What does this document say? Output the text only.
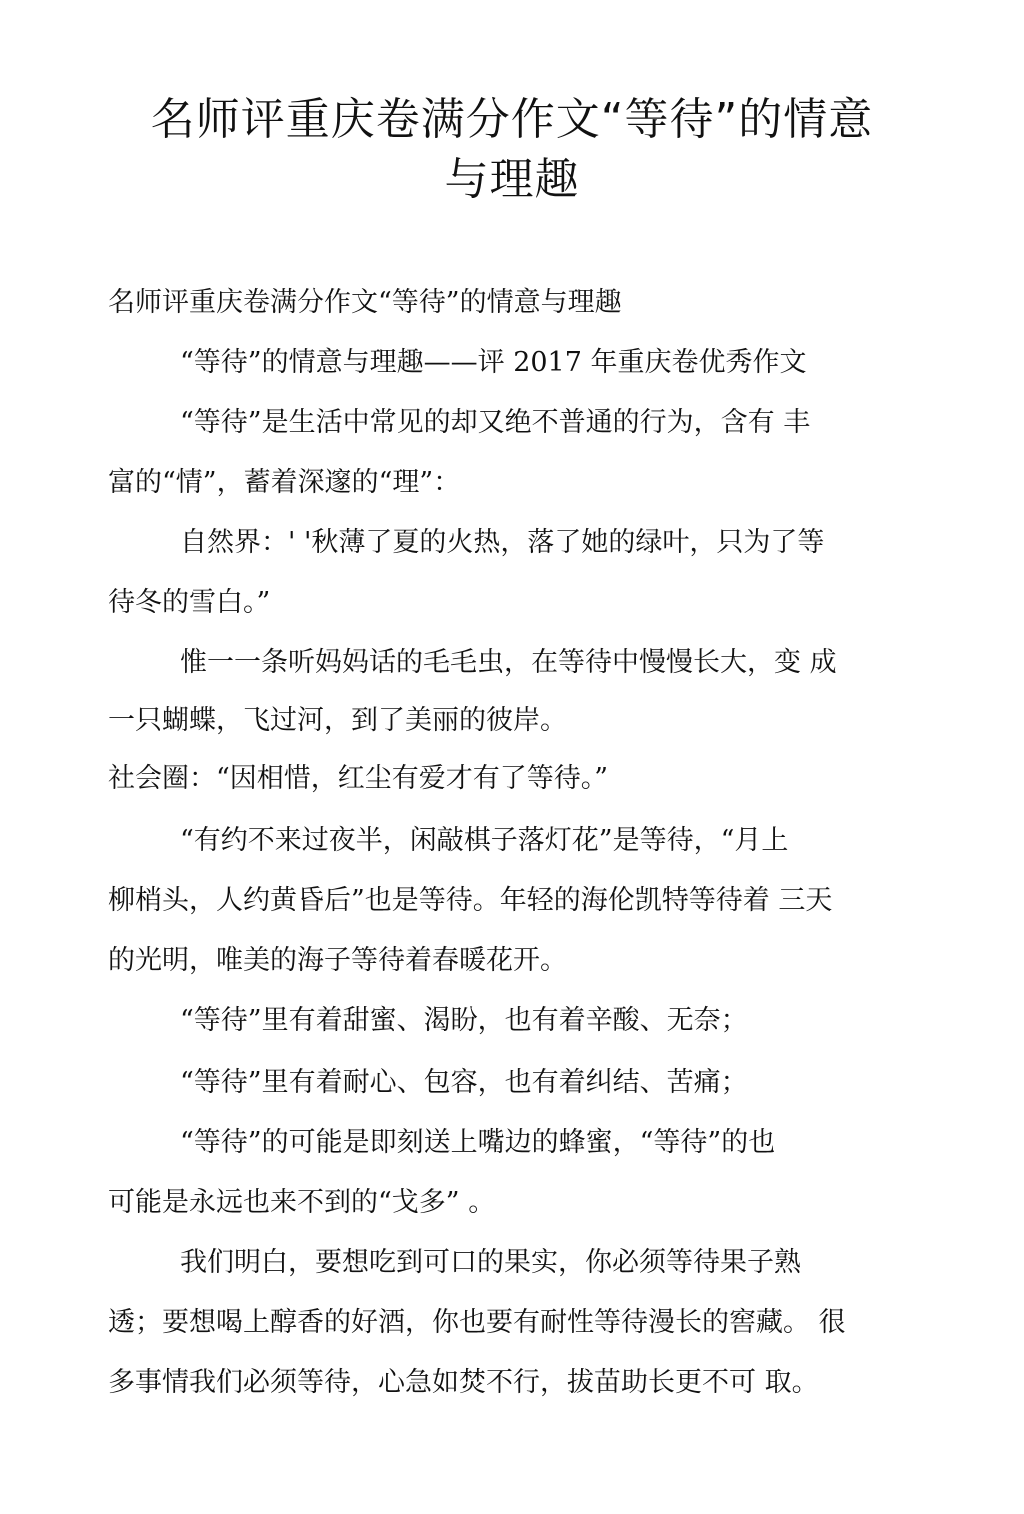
名师评重庆卷满分作文“等待”的情意
与理趣
名师评重庆卷满分作文“等待”的情意与理趣
“等待”的情意与理趣——评 2017 年重庆卷优秀作文
“等待”是生活中常见的却又绝不普通的行为，含有 丰
富的“情”，蓄着深邃的“理”：
自然界：' '秋薄了夏的火热，落了她的绿叶，只为了等
待冬的雪白。”
惟一一条听妈妈话的毛毛虫，在等待中慢慢长大，变 成
一只蝴蝶，飞过河，到了美丽的彼岸。
社会圈：“因相惜，红尘有爱才有了等待。”
“有约不来过夜半，闲敲棋子落灯花”是等待，“月上
柳梢头，人约黄昏后”也是等待。年轻的海伦凯特等待着 三天
的光明，唯美的海子等待着春暖花开。
“等待”里有着甜蜜、渴盼，也有着辛酸、无奈；
“等待”里有着耐心、包容，也有着纠结、苦痛；
“等待”的可能是即刻送上嘴边的蜂蜜，“等待”的也
可能是永远也来不到的“戈多” 。
我们明白，要想吃到可口的果实，你必须等待果子熟
透；要想喝上醇香的好酒，你也要有耐性等待漫长的窖藏。 很
多事情我们必须等待，心急如焚不行，拔苗助长更不可 取。
